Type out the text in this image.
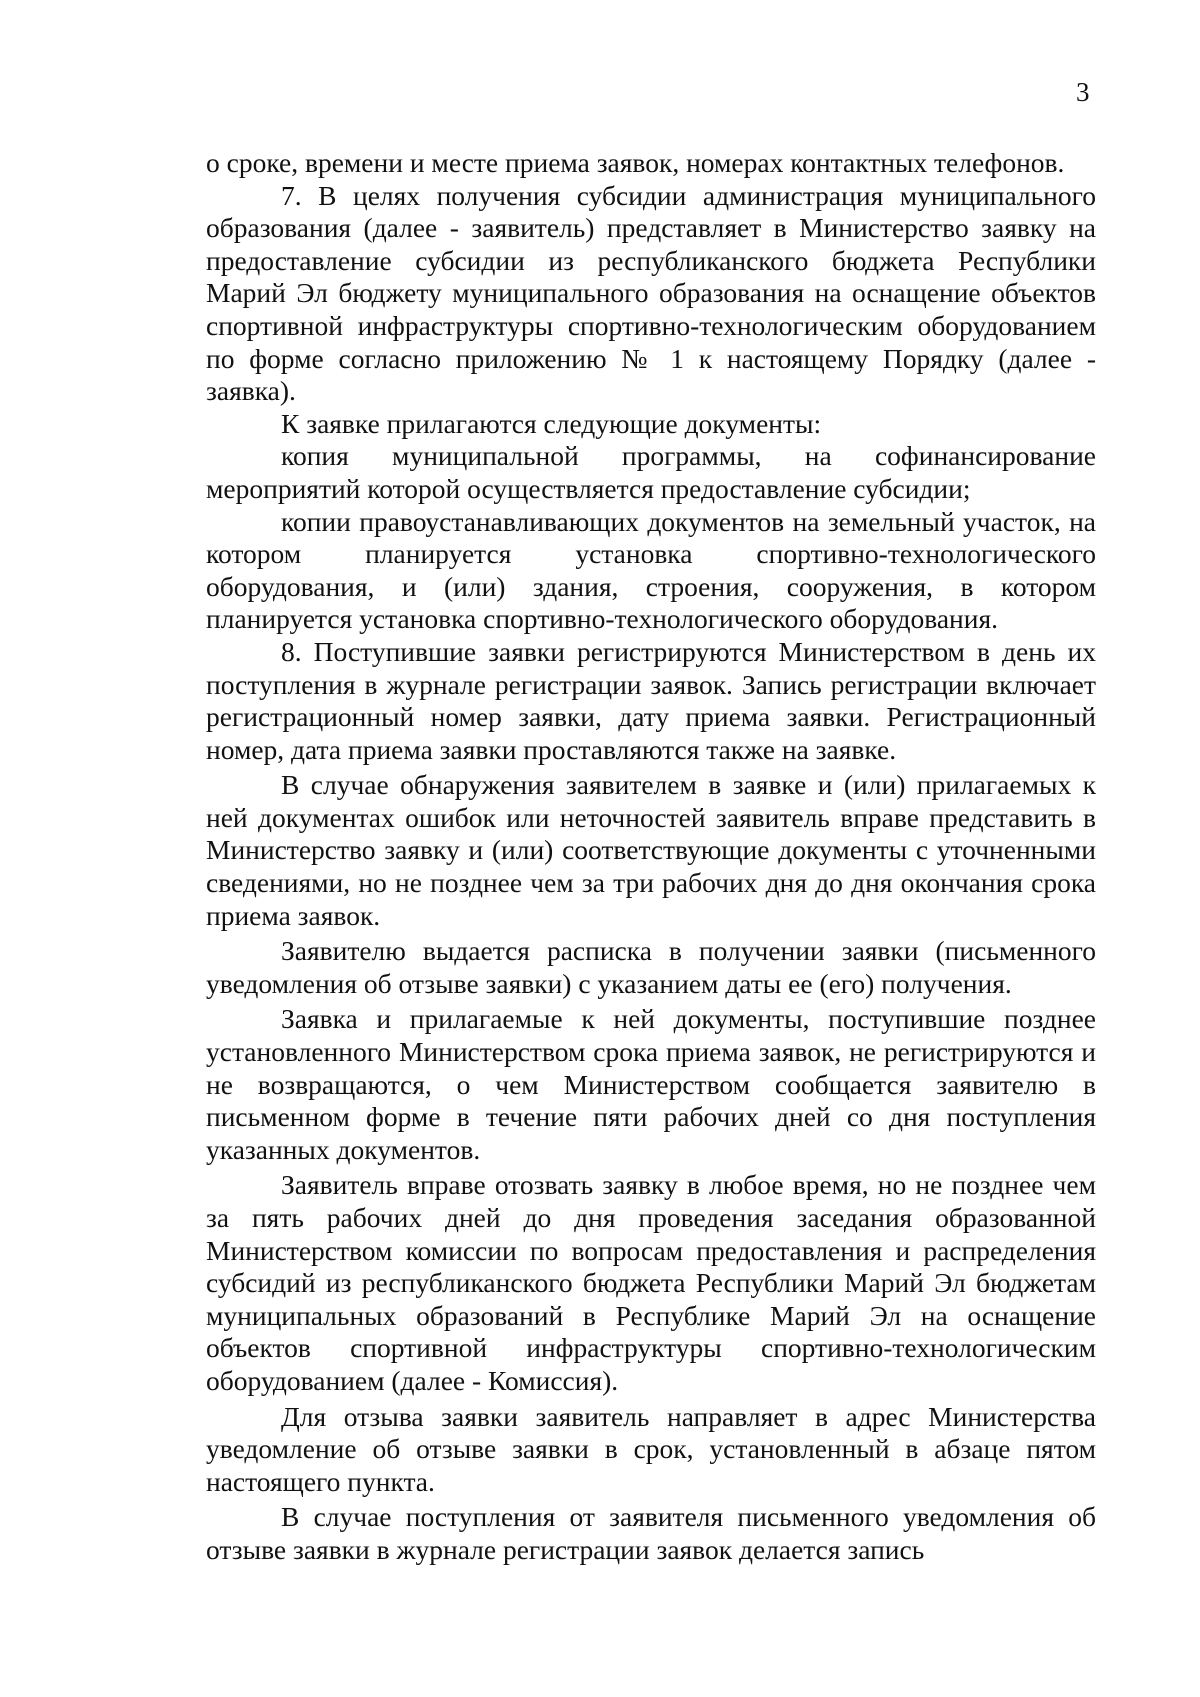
3

о сроке, времени и месте приема заявок, номерах контактных телефонов.

7. В целях получения субсидии администрация муниципального образования (далее - заявитель) представляет в Министерство заявку на предоставление субсидии из республиканского бюджета Республики Марий Эл бюджету муниципального образования на оснащение объектов спортивной инфраструктуры спортивно-технологическим оборудованием по форме согласно приложению № 1 к настоящему Порядку (далее - заявка).

К заявке прилагаются следующие документы:

копия муниципальной программы, на софинансирование мероприятий которой осуществляется предоставление субсидии;

копии правоустанавливающих документов на земельный участок, на котором планируется установка спортивно-технологического оборудования, и (или) здания, строения, сооружения, в котором планируется установка спортивно-технологического оборудования.

8. Поступившие заявки регистрируются Министерством в день их поступления в журнале регистрации заявок. Запись регистрации включает регистрационный номер заявки, дату приема заявки. Регистрационный номер, дата приема заявки проставляются также на заявке.

В случае обнаружения заявителем в заявке и (или) прилагаемых к ней документах ошибок или неточностей заявитель вправе представить в Министерство заявку и (или) соответствующие документы с уточненными сведениями, но не позднее чем за три рабочих дня до дня окончания срока приема заявок.

Заявителю выдается расписка в получении заявки (письменного уведомления об отзыве заявки) с указанием даты ее (его) получения.

Заявка и прилагаемые к ней документы, поступившие позднее установленного Министерством срока приема заявок, не регистрируются и не возвращаются, о чем Министерством сообщается заявителю в письменном форме в течение пяти рабочих дней со дня поступления указанных документов.

Заявитель вправе отозвать заявку в любое время, но не позднее чем за пять рабочих дней до дня проведения заседания образованной Министерством комиссии по вопросам предоставления и распределения субсидий из республиканского бюджета Республики Марий Эл бюджетам муниципальных образований в Республике Марий Эл на оснащение объектов спортивной инфраструктуры спортивно-технологическим оборудованием (далее - Комиссия).

Для отзыва заявки заявитель направляет в адрес Министерства уведомление об отзыве заявки в срок, установленный в абзаце пятом настоящего пункта.

В случае поступления от заявителя письменного уведомления об отзыве заявки в журнале регистрации заявок делается запись
